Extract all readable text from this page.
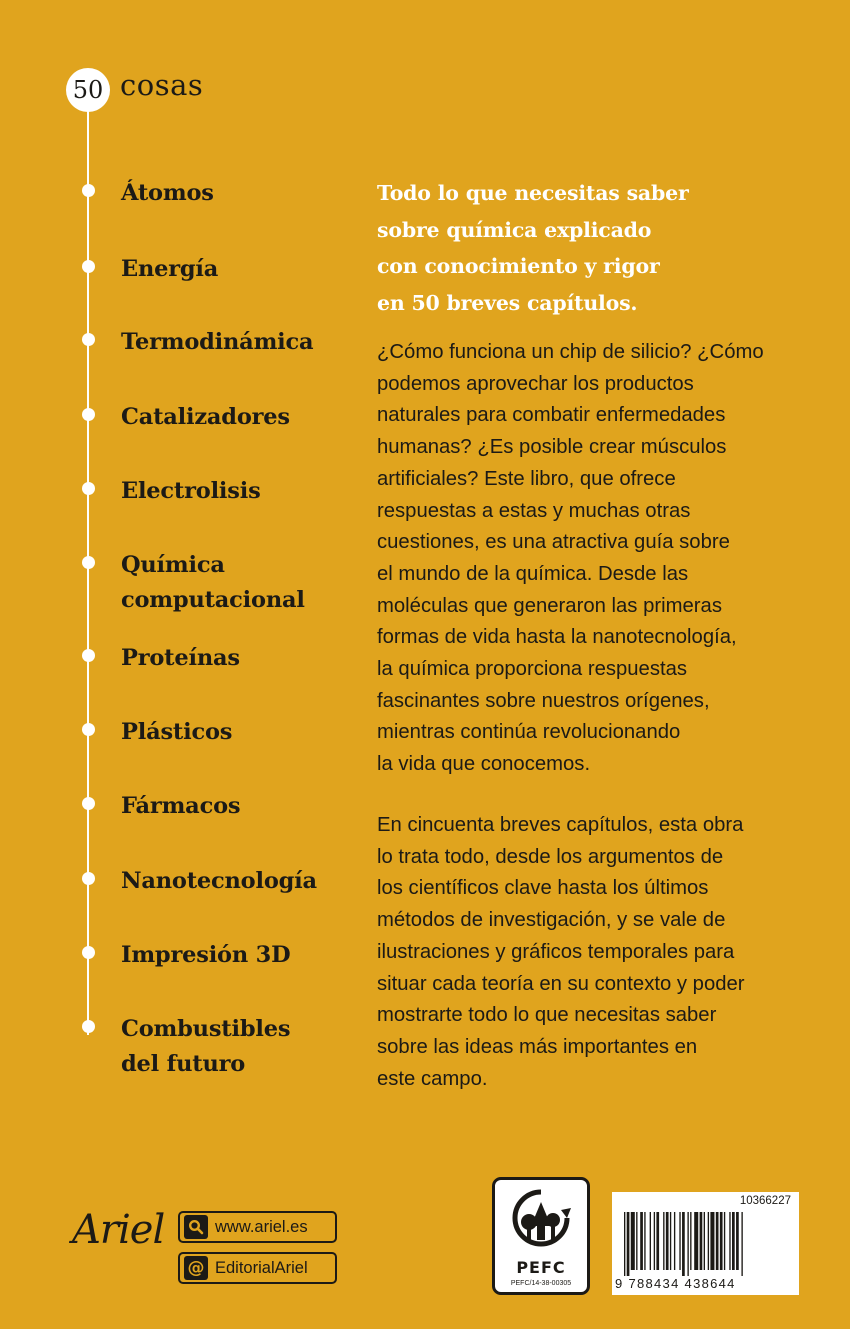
50 cosas
Átomos
Energía
Termodinámica
Catalizadores
Electrolisis
Química
computacional
Proteínas
Plásticos
Fármacos
Nanotecnología
Impresión 3D
Combustibles
del futuro
Todo lo que necesitas saber
sobre química explicado
con conocimiento y rigor
en 50 breves capítulos.
¿Cómo funciona un chip de silicio? ¿Cómo
podemos aprovechar los productos
naturales para combatir enfermedades
humanas? ¿Es posible crear músculos
artificiales? Este libro, que ofrece
respuestas a estas y muchas otras
cuestiones, es una atractiva guía sobre
el mundo de la química. Desde las
moléculas que generaron las primeras
formas de vida hasta la nanotecnología,
la química proporciona respuestas
fascinantes sobre nuestros orígenes,
mientras continúa revolucionando
la vida que conocemos.
En cincuenta breves capítulos, esta obra
lo trata todo, desde los argumentos de
los científicos clave hasta los últimos
métodos de investigación, y se vale de
ilustraciones y gráficos temporales para
situar cada teoría en su contexto y poder
mostrarte todo lo que necesitas saber
sobre las ideas más importantes en
este campo.
Ariel	www.ariel.es
@ EditorialAriel	PEFC
PEFC/14-38-00305
10366227
9 788434 438644
